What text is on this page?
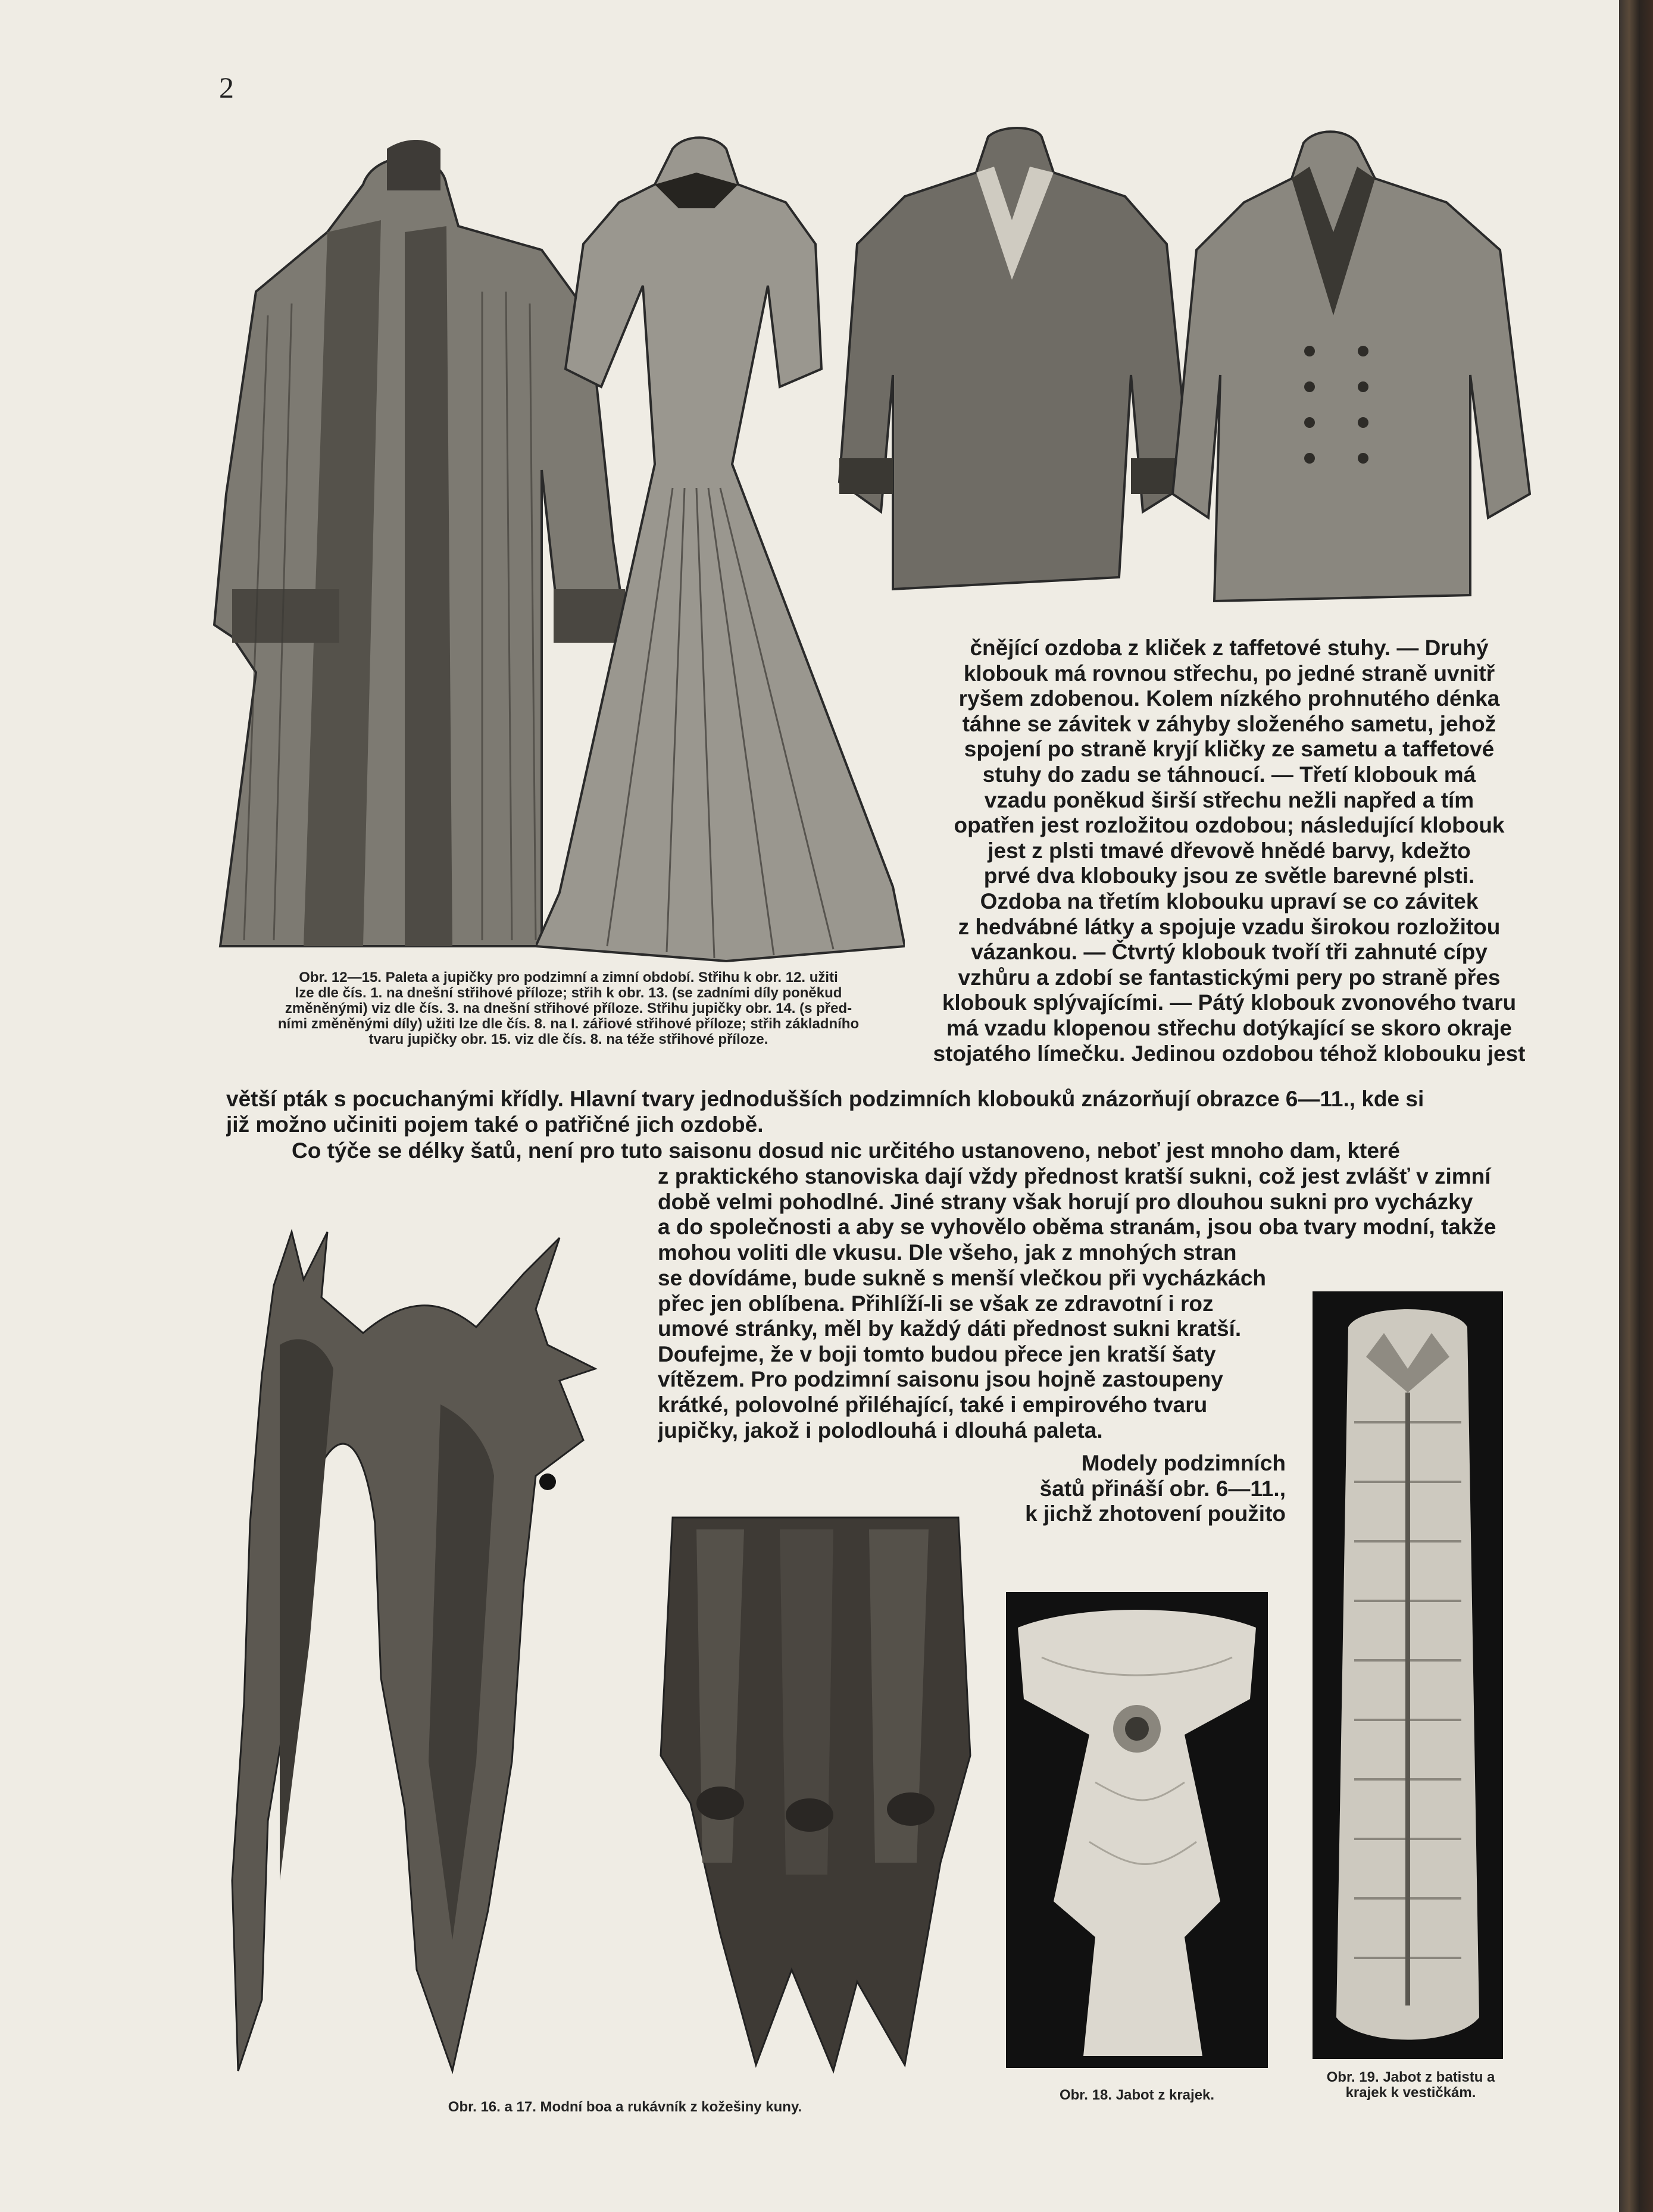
2
čnějící ozdoba z kliček z taffetové stuhy. — Druhý
klobouk má rovnou střechu, po jedné straně uvnitř
ryšem zdobenou. Kolem nízkého prohnutého dénka
táhne se závitek v záhyby složeného sametu, jehož
spojení po straně kryjí kličky ze sametu a taffetové
stuhy do zadu se táhnoucí. — Třetí klobouk má
vzadu poněkud širší střechu nežli napřed a tím
opatřen jest rozložitou ozdobou; následující klobouk
jest z plsti tmavé dřevově hnědé barvy, kdežto
prvé dva klobouky jsou ze světle barevné plsti.
Ozdoba na třetím klobouku upraví se co závitek
z hedvábné látky a spojuje vzadu širokou rozložitou
vázankou. — Čtvrtý klobouk tvoří tři zahnuté cípy
vzhůru a zdobí se fantastickými pery po straně přes
klobouk splývajícími. — Pátý klobouk zvonového tvaru
má vzadu klopenou střechu dotýkající se skoro okraje
stojatého límečku. Jedinou ozdobou téhož klobouku jest
Obr. 12—15. Paleta a jupičky pro podzimní a zimní období. Střihu k obr. 12. užiti
lze dle čís. 1. na dnešní střihové příloze; střih k obr. 13. (se zadními díly poněkud
změněnými) viz dle čís. 3. na dnešní střihové příloze. Střihu jupičky obr. 14. (s před-
ními změněnými díly) užiti lze dle čís. 8. na I. zářiové střihové příloze; střih základního
tvaru jupičky obr. 15. viz dle čís. 8. na téže střihové příloze.
větší pták s pocuchanými křídly. Hlavní tvary jednodušších podzimních klobouků znázorňují obrazce 6—11., kde si
již možno učiniti pojem také o patřičné jich ozdobě.
Co týče se délky šatů, není pro tuto saisonu dosud nic určitého ustanoveno, neboť jest mnoho dam, které
z praktického stanoviska dají vždy přednost kratší sukni, což jest zvlášť v zimní
době velmi pohodlné. Jiné strany však horují pro dlouhou sukni pro vycházky
a do společnosti a aby se vyhovělo oběma stranám, jsou oba tvary modní, takže
mohou voliti dle vkusu. Dle všeho, jak z mnohých stran
se dovídáme, bude sukně s menší vlečkou při vycházkách
přec jen oblíbena. Přihlíží-li se však ze zdravotní i roz
umové stránky, měl by každý dáti přednost sukni kratší.
Doufejme, že v boji tomto budou přece jen kratší šaty
vítězem. Pro podzimní saisonu jsou hojně zastoupeny
krátké, polovolné přiléhající, také i empirového tvaru
jupičky, jakož i polodlouhá i dlouhá paleta.
Modely podzimních
šatů přináší obr. 6—11.,
k jichž zhotovení použito
Obr. 16. a 17. Modní boa a rukávník z kožešiny kuny.
Obr. 18. Jabot z krajek.
Obr. 19. Jabot z batistu a
krajek k vestičkám.
